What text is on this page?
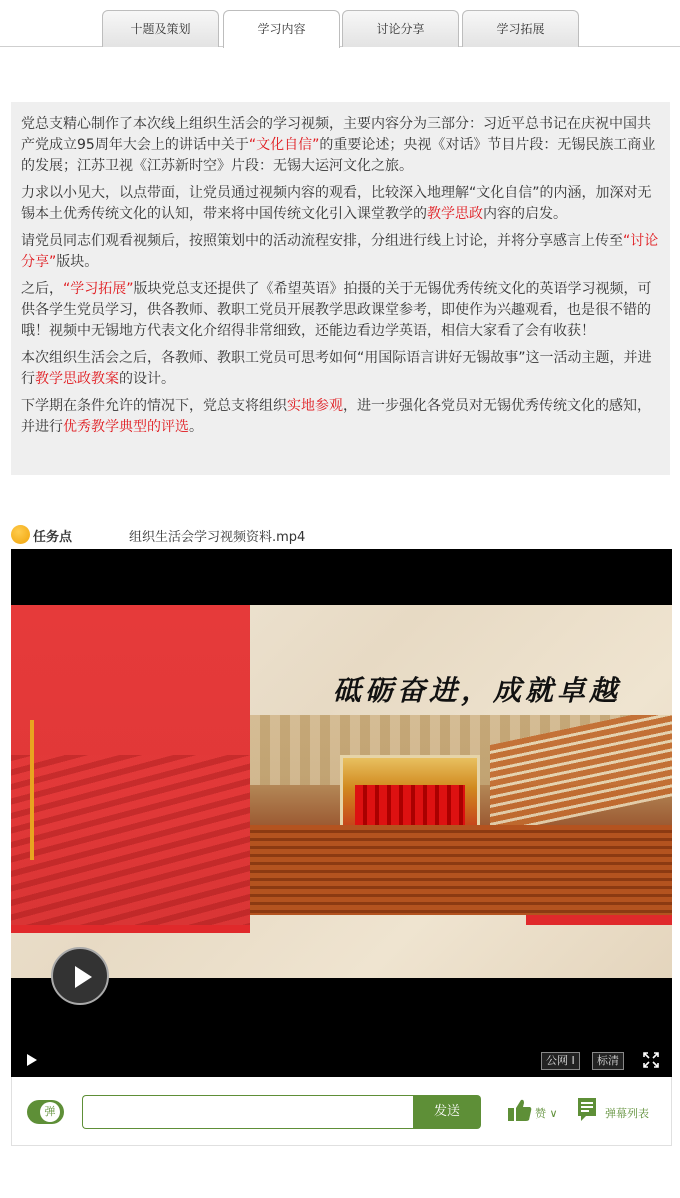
十题及策划	学习内容	讨论分享	学习拓展

党总支精心制作了本次线上组织生活会的学习视频，主要内容分为三部分：习近平总书记在庆祝中国共产党成立95周年大会上的讲话中关于“文化自信”的重要论述；央视《对话》节目片段：无锡民族工商业的发展；江苏卫视《江苏新时空》片段：无锡大运河文化之旅。

力求以小见大，以点带面，让党员通过视频内容的观看，比较深入地理解“文化自信”的内涵，加深对无锡本土优秀传统文化的认知，带来将中国传统文化引入课堂教学的教学思政内容的启发。

请党员同志们观看视频后，按照策划中的活动流程安排，分组进行线上讨论，并将分享感言上传至“讨论分享”版块。

之后，“学习拓展”版块党总支还提供了《希望英语》拍摄的关于无锡优秀传统文化的英语学习视频，可供各学生党员学习，供各教师、教职工党员开展教学思政课堂参考，即使作为兴趣观看，也是很不错的哦！视频中无锡地方代表文化介绍得非常细致，还能边看边学英语，相信大家看了会有收获！

本次组织生活会之后，各教师、教职工党员可思考如何“用国际语言讲好无锡故事”这一活动主题，并进行教学思政教案的设计。

下学期在条件允许的情况下，党总支将组织实地参观，进一步强化各党员对无锡优秀传统文化的感知，并进行优秀教学典型的评选。

任务点	组织生活会学习视频资料.mp4
砥砺奋进，成就卓越
公网 I	标清
弹	发送	赞 ∨	弹幕列表
